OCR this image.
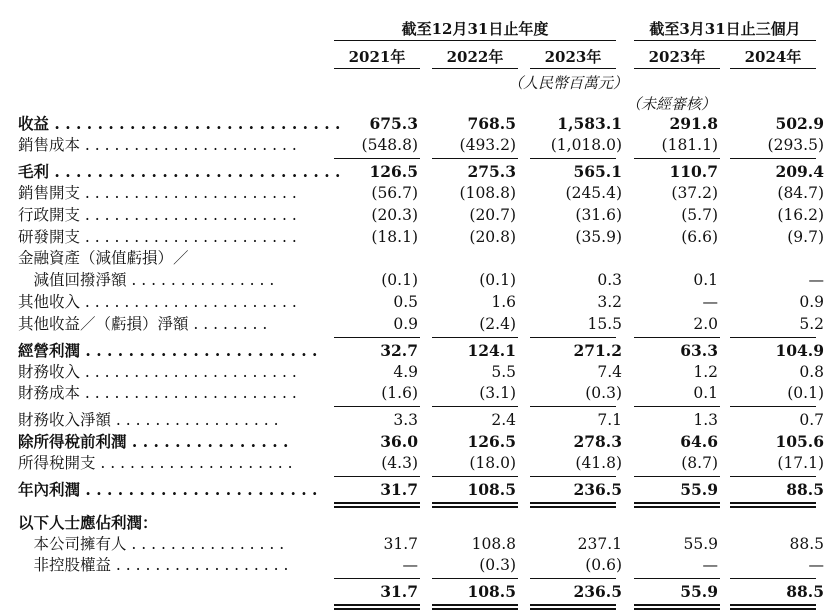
截至12月31日止年度	截至3月31日止三個月
2021年	2022年	2023年	2023年	2024年
（人民幣百萬元）
（未經審核）
收益 . . . . . . . . . . . . . . . . . . . . . . . . . . . 675.3	768.5	1,583.1	291.8	502.9
銷售成本 . . . . . . . . . . . . . . . . . . . . . .	(548.8)	(493.2) (1,018.0)	(181.1)	(293.5)
毛利 . . . . . . . . . . . . . . . . . . . . . . . . . . . 126.5	275.3	565.1	110.7	209.4
銷售開支 . . . . . . . . . . . . . . . . . . . . . .	(56.7)	(108.8)	(245.4)	(37.2)	(84.7)
行政開支 . . . . . . . . . . . . . . . . . . . . . .	(20.3)	(20.7)	(31.6)	(5.7)	(16.2)
研發開支 . . . . . . . . . . . . . . . . . . . . . .	(18.1)	(20.8)	(35.9)	(6.6)	(9.7)
金融資產（減值虧損）／
　減值回撥淨額 . . . . . . . . . . . . . . .	(0.1)	(0.1)	0.3	0.1	—
其他收入 . . . . . . . . . . . . . . . . . . . . . .	0.5	1.6	3.2	—	0.9
其他收益／（虧損）淨額 . . . . . . . .	0.9	(2.4)	15.5	2.0	5.2
經營利潤 . . . . . . . . . . . . . . . . . . . . . .	32.7	124.1	271.2	63.3	104.9
財務收入 . . . . . . . . . . . . . . . . . . . . . .	4.9	5.5	7.4	1.2	0.8
財務成本 . . . . . . . . . . . . . . . . . . . . . .	(1.6)	(3.1)	(0.3)	0.1	(0.1)
財務收入淨額 . . . . . . . . . . . . . . . . .	3.3	2.4	7.1	1.3	0.7
除所得稅前利潤 . . . . . . . . . . . . . . .	36.0	126.5	278.3	64.6	105.6
所得稅開支 . . . . . . . . . . . . . . . . . . . .	(4.3)	(18.0)	(41.8)	(8.7)	(17.1)
年內利潤 . . . . . . . . . . . . . . . . . . . . . .	31.7	108.5	236.5	55.9	88.5
以下人士應佔利潤：
　本公司擁有人 . . . . . . . . . . . . . . . .	31.7	108.8	237.1	55.9	88.5
　非控股權益 . . . . . . . . . . . . . . . . . .	—	(0.3)	(0.6)	—	—
31.7	108.5	236.5	55.9	88.5
